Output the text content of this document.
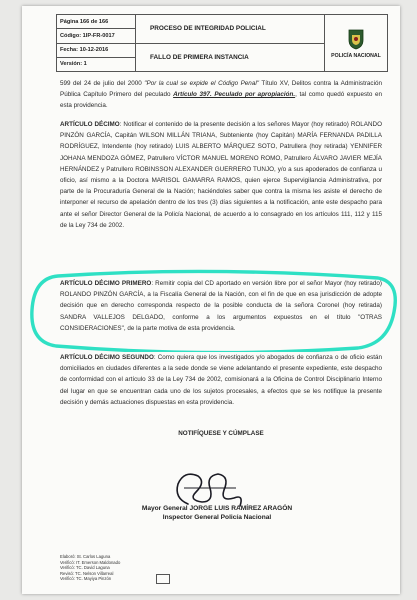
Página 166 de 166
Código: 1IP-FR-0017
Fecha: 10-12-2016
Versión: 1
PROCESO DE INTEGRIDAD POLICIAL
FALLO DE PRIMERA INSTANCIA	POLICÍA NACIONAL

599 del 24 de julio del 2000 "Por la cual se expide el Código Penal" Título XV, Delitos contra la Administración Pública Capítulo Primero del peculado Artículo 397. Peculado por apropiación., tal como quedó expuesto en esta providencia.

ARTÍCULO DÉCIMO: Notificar el contenido de la presente decisión a los señores Mayor (hoy retirado) ROLANDO PINZÓN GARCÍA, Capitán WILSON MILLÁN TRIANA, Subteniente (hoy Capitán) MARÍA FERNANDA PADILLA RODRÍGUEZ, Intendente (hoy retirado) LUIS ALBERTO MÁRQUEZ SOTO, Patrullera (hoy retirada) YENNIFER JOHANA MENDOZA GÓMEZ, Patrullero VÍCTOR MANUEL MORENO ROMO, Patrullero ÁLVARO JAVIER MEJÍA HERNÁNDEZ y Patrullero ROBINSSON ALEXANDER GUERRERO TUNJO, y/o a sus apoderados de confianza u oficio, así mismo a la Doctora MARISOL GAMARRA RAMOS, quien ejerce Supervigilancia Administrativa, por parte de la Procuraduría General de la Nación; haciéndoles saber que contra la misma les asiste el derecho de interponer el recurso de apelación dentro de los tres (3) días siguientes a la notificación, ante este despacho para ante el señor Director General de la Policía Nacional, de acuerdo a lo consagrado en los artículos 111, 112 y 115 de la Ley 734 de 2002.

ARTÍCULO DÉCIMO PRIMERO: Remitir copia del CD aportado en versión libre por el señor Mayor (hoy retirado) ROLANDO PINZÓN GARCÍA, a la Fiscalía General de la Nación, con el fin de que en esa jurisdicción de adopte decisión que en derecho corresponda respecto de la posible conducta de la señora Coronel (hoy retirada) SANDRA VALLEJOS DELGADO, conforme a los argumentos expuestos en el título "OTRAS CONSIDERACIONES", de la parte motiva de esta providencia.

ARTÍCULO DÉCIMO SEGUNDO: Como quiera que los investigados y/o abogados de confianza o de oficio están domiciliados en ciudades diferentes a la sede donde se viene adelantando el presente expediente, este despacho de conformidad con el artículo 33 de la Ley 734 de 2002, comisionará a la Oficina de Control Disciplinario Interno del lugar en que se encuentran cada uno de los sujetos procesales, a efectos que se les notifique la presente decisión y demás actuaciones dispuestas en esta providencia.

NOTIFÍQUESE Y CÚMPLASE
Mayor General JORGE LUIS RAMÍREZ ARAGÓN
Inspector General Policía Nacional
Elaboró: St. Carlos Laguna
Verificó: IT. Emerson Maldonado
Verificó: TC. David Laguna
Revisó: TC. Nelson Villarreal
Verificó: TC. Mayiya Pinzón
